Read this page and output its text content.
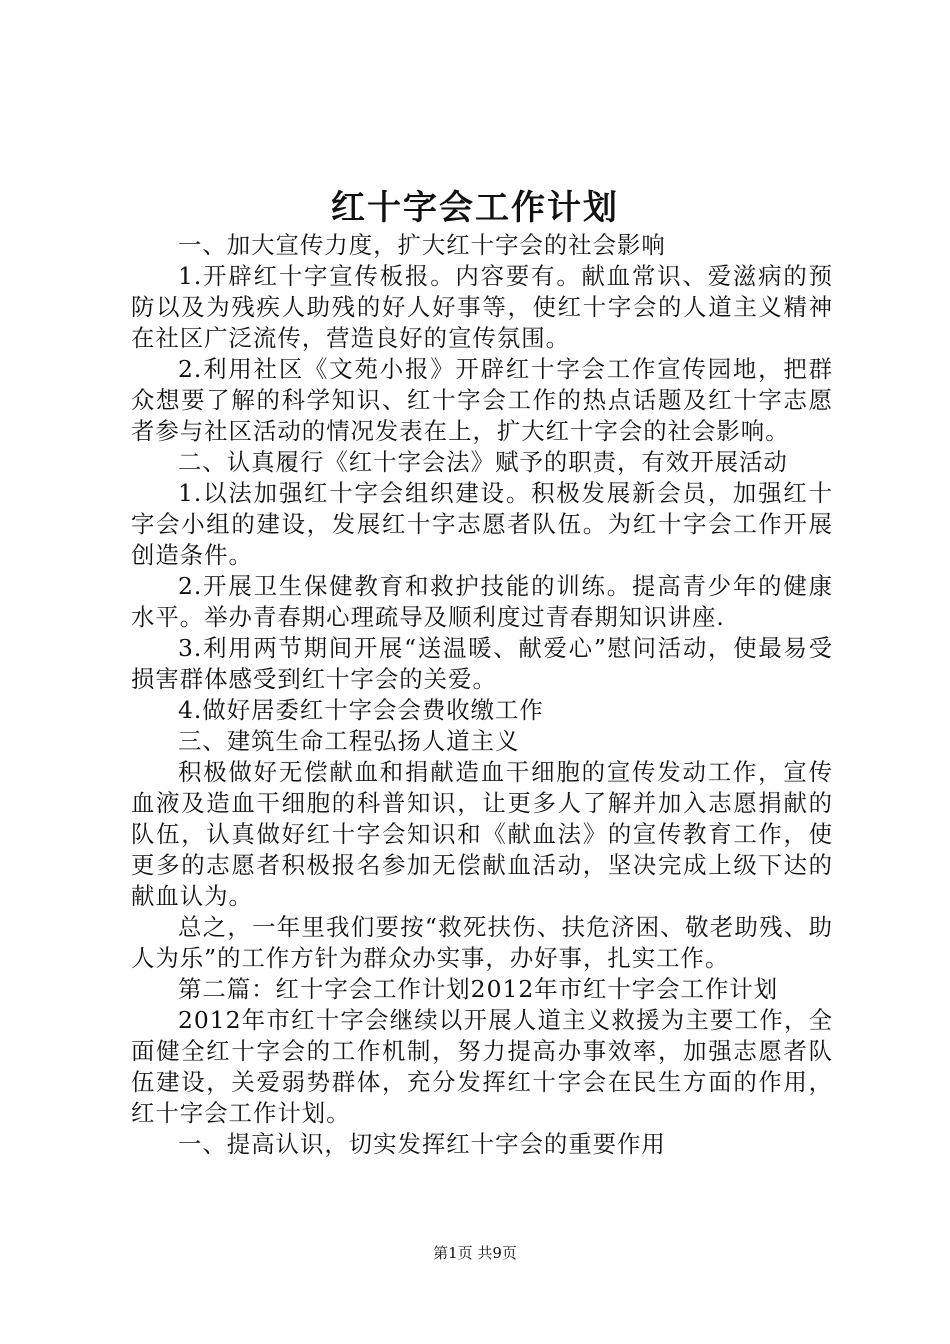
红十字会工作计划

一、加大宣传力度，扩大红十字会的社会影响

1.开辟红十字宣传板报。内容要有。献血常识、爱滋病的预防以及为残疾人助残的好人好事等，使红十字会的人道主义精神在社区广泛流传，营造良好的宣传氛围。

2.利用社区《文苑小报》开辟红十字会工作宣传园地，把群众想要了解的科学知识、红十字会工作的热点话题及红十字志愿者参与社区活动的情况发表在上，扩大红十字会的社会影响。

二、认真履行《红十字会法》赋予的职责，有效开展活动

1.以法加强红十字会组织建设。积极发展新会员，加强红十字会小组的建设，发展红十字志愿者队伍。为红十字会工作开展创造条件。

2.开展卫生保健教育和救护技能的训练。提高青少年的健康水平。举办青春期心理疏导及顺利度过青春期知识讲座.

3.利用两节期间开展“送温暖、献爱心”慰问活动，使最易受损害群体感受到红十字会的关爱。

4.做好居委红十字会会费收缴工作

三、建筑生命工程弘扬人道主义

积极做好无偿献血和捐献造血干细胞的宣传发动工作，宣传血液及造血干细胞的科普知识，让更多人了解并加入志愿捐献的队伍，认真做好红十字会知识和《献血法》的宣传教育工作，使更多的志愿者积极报名参加无偿献血活动，坚决完成上级下达的献血认为。

总之，一年里我们要按“救死扶伤、扶危济困、敬老助残、助人为乐”的工作方针为群众办实事，办好事，扎实工作。

第二篇：红十字会工作计划2012年市红十字会工作计划

2012年市红十字会继续以开展人道主义救援为主要工作，全面健全红十字会的工作机制，努力提高办事效率，加强志愿者队伍建设，关爱弱势群体，充分发挥红十字会在民生方面的作用，红十字会工作计划。

一、提高认识，切实发挥红十字会的重要作用

第1页 共9页
